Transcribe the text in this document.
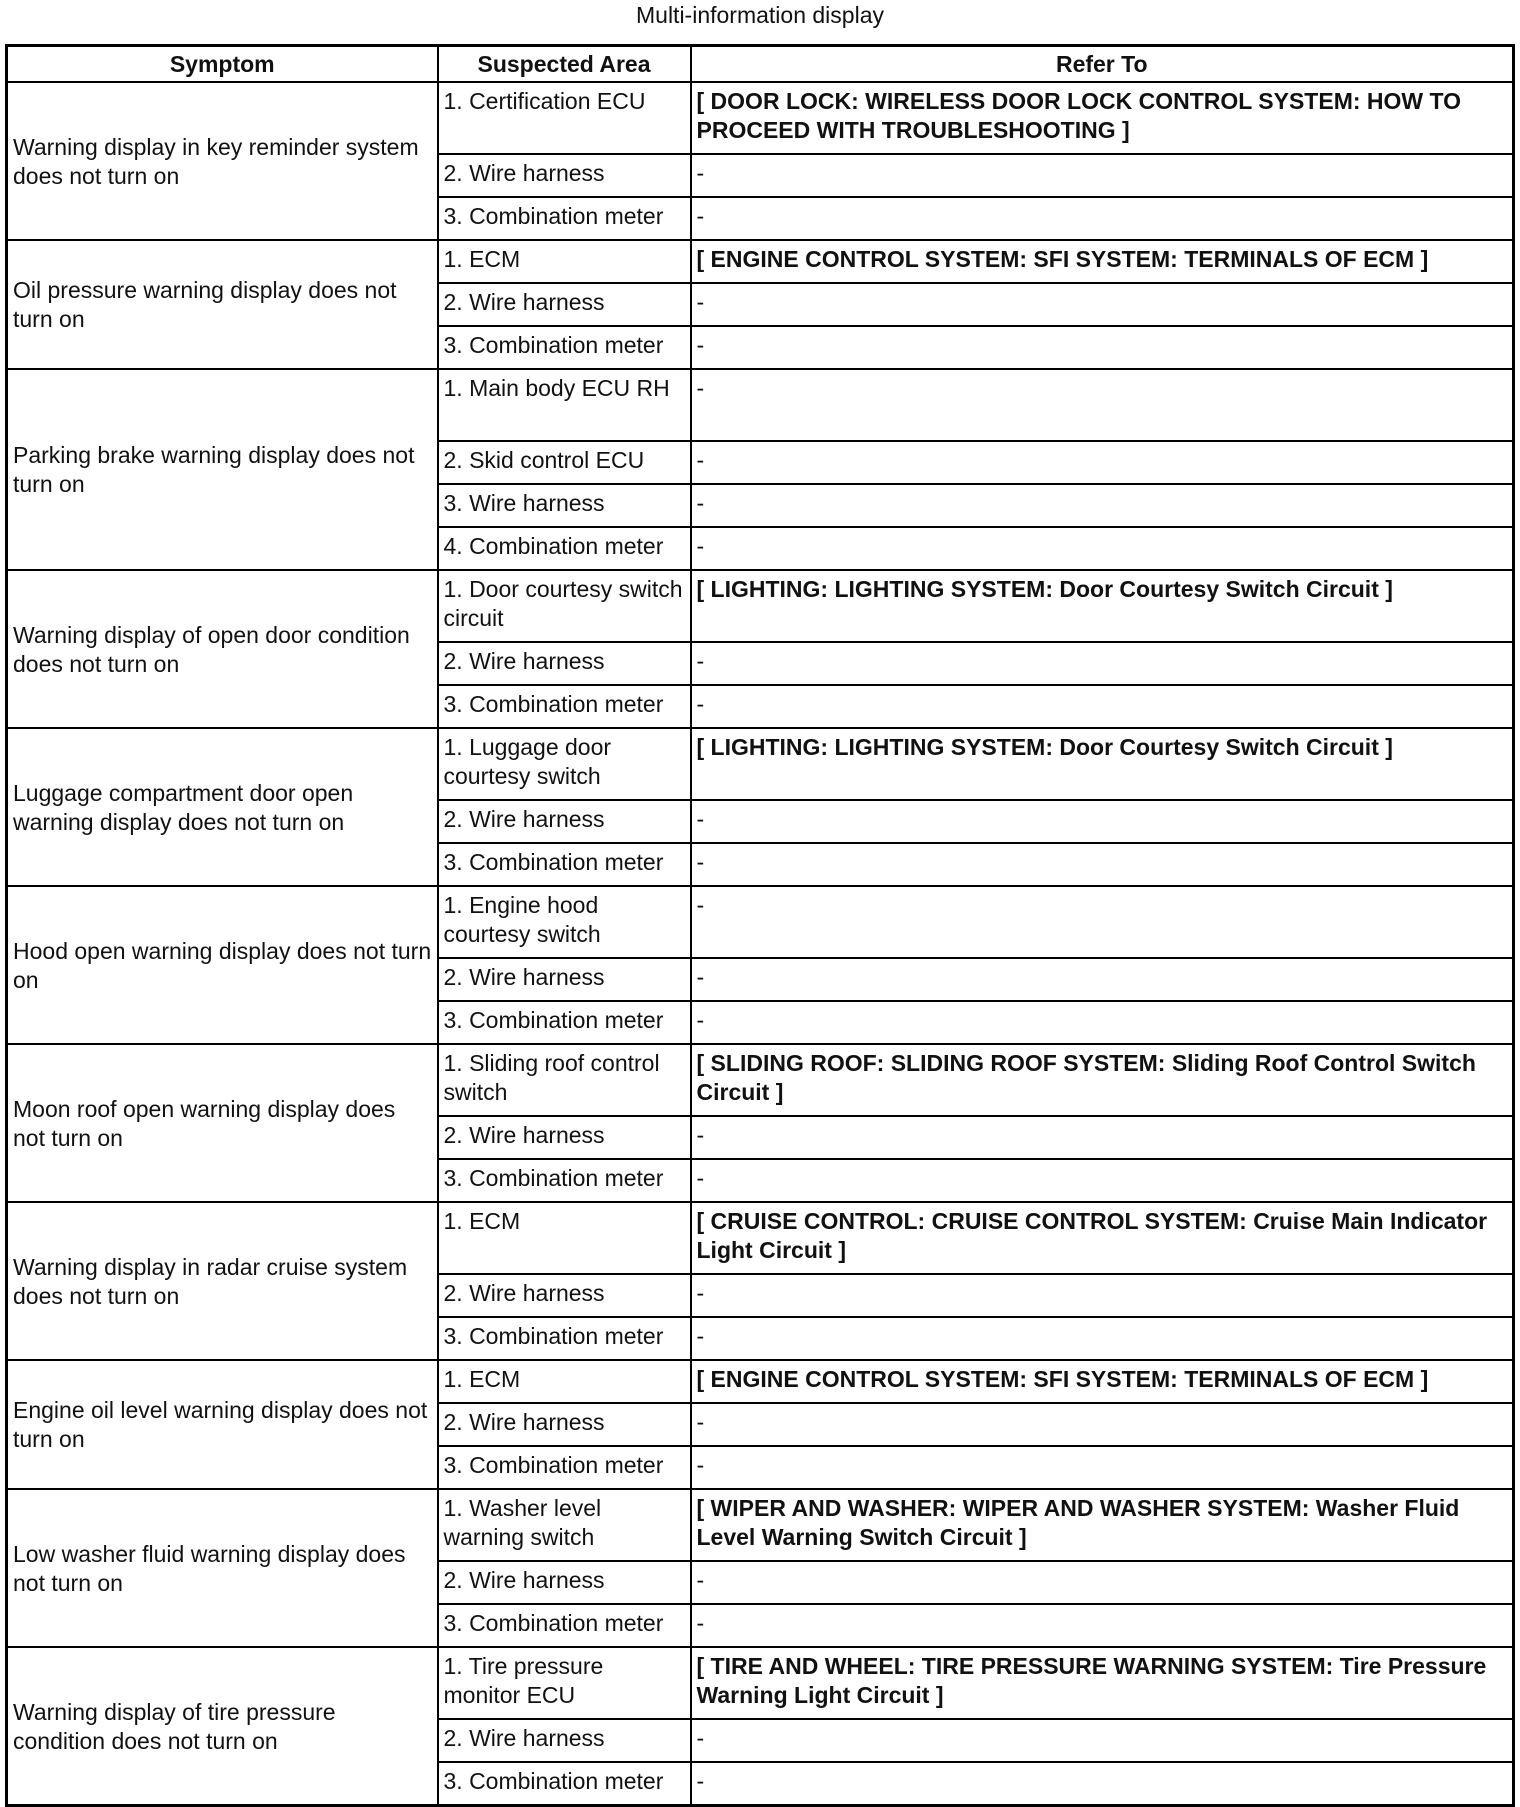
Multi-information display
Symptom	Suspected Area	Refer To
Warning display in key reminder system does not turn on	1. Certification ECU	[ DOOR LOCK: WIRELESS DOOR LOCK CONTROL SYSTEM: HOW TO PROCEED WITH TROUBLESHOOTING ]
	2. Wire harness	-
	3. Combination meter	-
Oil pressure warning display does not turn on	1. ECM	[ ENGINE CONTROL SYSTEM: SFI SYSTEM: TERMINALS OF ECM ]
	2. Wire harness	-
	3. Combination meter	-
Parking brake warning display does not turn on	1. Main body ECU RH	-
	2. Skid control ECU	-
	3. Wire harness	-
	4. Combination meter	-
Warning display of open door condition does not turn on	1. Door courtesy switch circuit	[ LIGHTING: LIGHTING SYSTEM: Door Courtesy Switch Circuit ]
	2. Wire harness	-
	3. Combination meter	-
Luggage compartment door open warning display does not turn on	1. Luggage door courtesy switch	[ LIGHTING: LIGHTING SYSTEM: Door Courtesy Switch Circuit ]
	2. Wire harness	-
	3. Combination meter	-
Hood open warning display does not turn on	1. Engine hood courtesy switch	-
	2. Wire harness	-
	3. Combination meter	-
Moon roof open warning display does not turn on	1. Sliding roof control switch	[ SLIDING ROOF: SLIDING ROOF SYSTEM: Sliding Roof Control Switch Circuit ]
	2. Wire harness	-
	3. Combination meter	-
Warning display in radar cruise system does not turn on	1. ECM	[ CRUISE CONTROL: CRUISE CONTROL SYSTEM: Cruise Main Indicator Light Circuit ]
	2. Wire harness	-
	3. Combination meter	-
Engine oil level warning display does not turn on	1. ECM	[ ENGINE CONTROL SYSTEM: SFI SYSTEM: TERMINALS OF ECM ]
	2. Wire harness	-
	3. Combination meter	-
Low washer fluid warning display does not turn on	1. Washer level warning switch	[ WIPER AND WASHER: WIPER AND WASHER SYSTEM: Washer Fluid Level Warning Switch Circuit ]
	2. Wire harness	-
	3. Combination meter	-
Warning display of tire pressure condition does not turn on	1. Tire pressure monitor ECU	[ TIRE AND WHEEL: TIRE PRESSURE WARNING SYSTEM: Tire Pressure Warning Light Circuit ]
	2. Wire harness	-
	3. Combination meter	-
